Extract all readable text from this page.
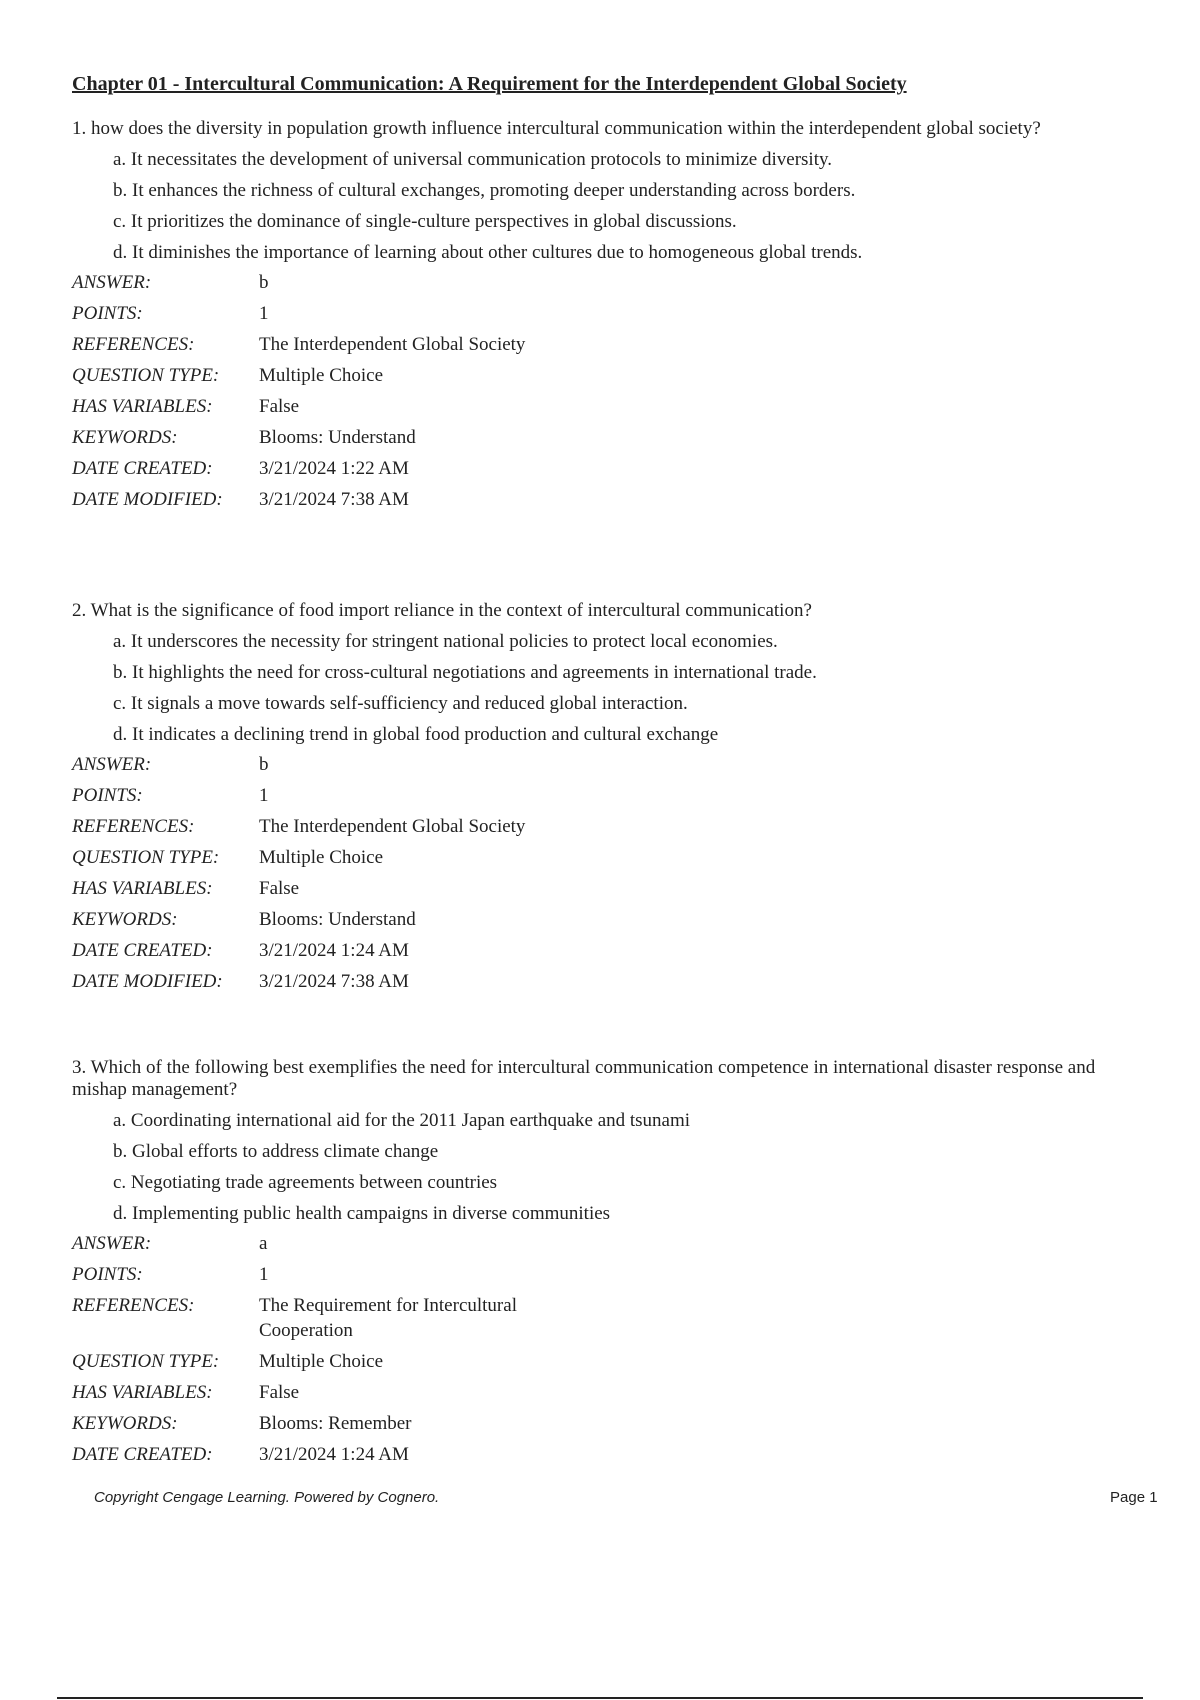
Chapter 01 - Intercultural Communication: A Requirement for the Interdependent Global Society

1. how does the diversity in population growth influence intercultural communication within the interdependent global society?

a. It necessitates the development of universal communication protocols to minimize diversity.
b. It enhances the richness of cultural exchanges, promoting deeper understanding across borders.
c. It prioritizes the dominance of single-culture perspectives in global discussions.
d. It diminishes the importance of learning about other cultures due to homogeneous global trends.
ANSWER:	b
POINTS:	1
REFERENCES:	The Interdependent Global Society
QUESTION TYPE:	Multiple Choice
HAS VARIABLES:	False
KEYWORDS:	Blooms: Understand
DATE CREATED:	3/21/2024 1:22 AM
DATE MODIFIED:	3/21/2024 7:38 AM

2. What is the significance of food import reliance in the context of intercultural communication?

a. It underscores the necessity for stringent national policies to protect local economies.
b. It highlights the need for cross-cultural negotiations and agreements in international trade.
c. It signals a move towards self-sufficiency and reduced global interaction.
d. It indicates a declining trend in global food production and cultural exchange
ANSWER:	b
POINTS:	1
REFERENCES:	The Interdependent Global Society
QUESTION TYPE:	Multiple Choice
HAS VARIABLES:	False
KEYWORDS:	Blooms: Understand
DATE CREATED:	3/21/2024 1:24 AM
DATE MODIFIED:	3/21/2024 7:38 AM

3. Which of the following best exemplifies the need for intercultural communication competence in international disaster response and mishap management?

a. Coordinating international aid for the 2011 Japan earthquake and tsunami
b. Global efforts to address climate change
c. Negotiating trade agreements between countries
d. Implementing public health campaigns in diverse communities
ANSWER:	a
POINTS:	1
REFERENCES:	The Requirement for Intercultural Cooperation
QUESTION TYPE:	Multiple Choice
HAS VARIABLES:	False
KEYWORDS:	Blooms: Remember
DATE CREATED:	3/21/2024 1:24 AM
Copyright Cengage Learning. Powered by Cognero.	Page 1
